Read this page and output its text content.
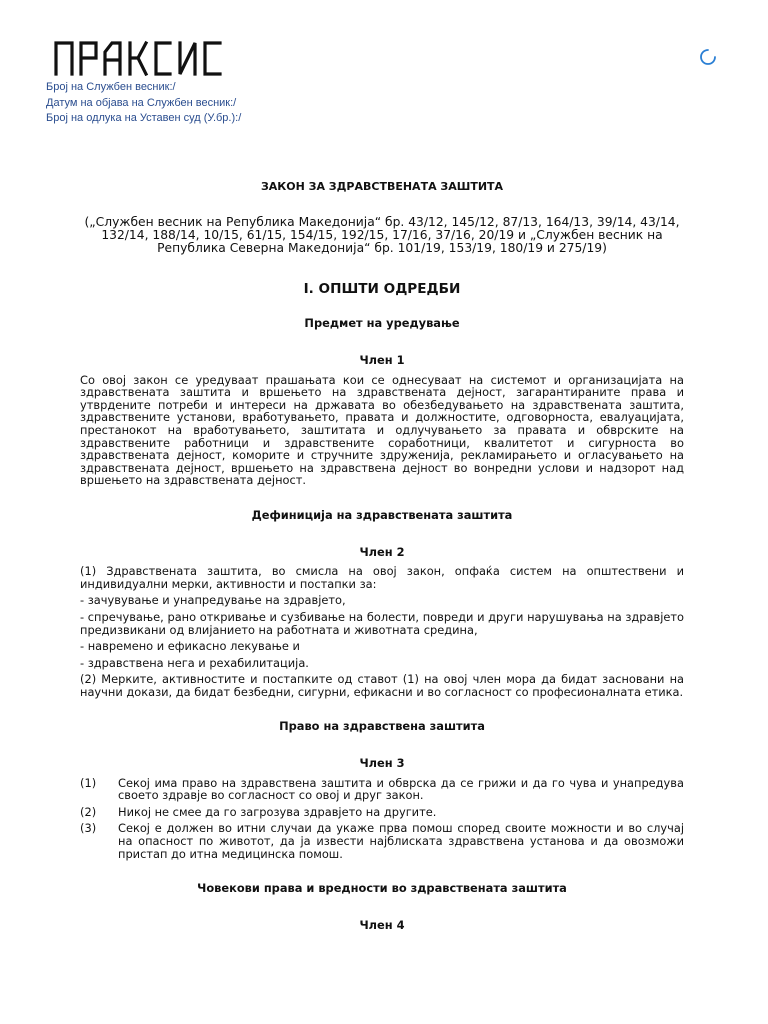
Број на Службен весник:/
Датум на објава на Службен весник:/
Број на одлука на Уставен суд (У.бр.):/
ЗАКОН ЗА ЗДРАВСТВЕНАТА ЗАШТИТА
(„Службен весник на Република Македонија“ бр. 43/12, 145/12, 87/13, 164/13, 39/14, 43/14, 132/14, 188/14, 10/15, 61/15, 154/15, 192/15, 17/16, 37/16, 20/19 и „Службен весник на Република Северна Македонија“ бр. 101/19, 153/19, 180/19 и 275/19)
I. ОПШТИ ОДРЕДБИ
Предмет на уредување
Член 1
Со овој закон се уредуваат прашањата кои се однесуваат на системот и организацијата на здравствената заштита и вршењето на здравствената дејност, загарантираните права и утврдените потреби и интереси на државата во обезбедувањето на здравствената заштита, здравствените установи, вработувањето, правата и должностите, одговорноста, евалуацијата, престанокот на вработувањето, заштитата и одлучувањето за правата и обврските на здравствените работници и здравствените соработници, квалитетот и сигурноста во здравствената дејност, коморите и стручните здруженија, рекламирањето и огласувањето на здравствената дејност, вршењето на здравствена дејност во вонредни услови и надзорот над вршењето на здравствената дејност.
Дефиниција на здравствената заштита
Член 2
(1) Здравствената заштита, во смисла на овој закон, опфаќа систем на општествени и индивидуални мерки, активности и постапки за:
- зачувување и унапредување на здравјето,
- спречување, рано откривање и сузбивање на болести, повреди и други нарушувања на здравјето предизвикани од влијанието на работната и животната средина,
- навремено и ефикасно лекување и
- здравствена нега и рехабилитација.
(2) Мерките, активностите и постапките од ставот (1) на овој член мора да бидат засновани на научни докази, да бидат безбедни, сигурни, ефикасни и во согласност со професионалната етика.
Право на здравствена заштита
Член 3
(1)	Секој има право на здравствена заштита и обврска да се грижи и да го чува и унапредува своето здравје во согласност со овој и друг закон.
(2)	Никој не смее да го загрозува здравјето на другите.
(3)	Секој е должен во итни случаи да укаже прва помош според своите можности и во случај на опасност по животот, да ја извести најблиската здравствена установа и да овозможи пристап до итна медицинска помош.
Човекови права и вредности во здравствената заштита
Член 4
